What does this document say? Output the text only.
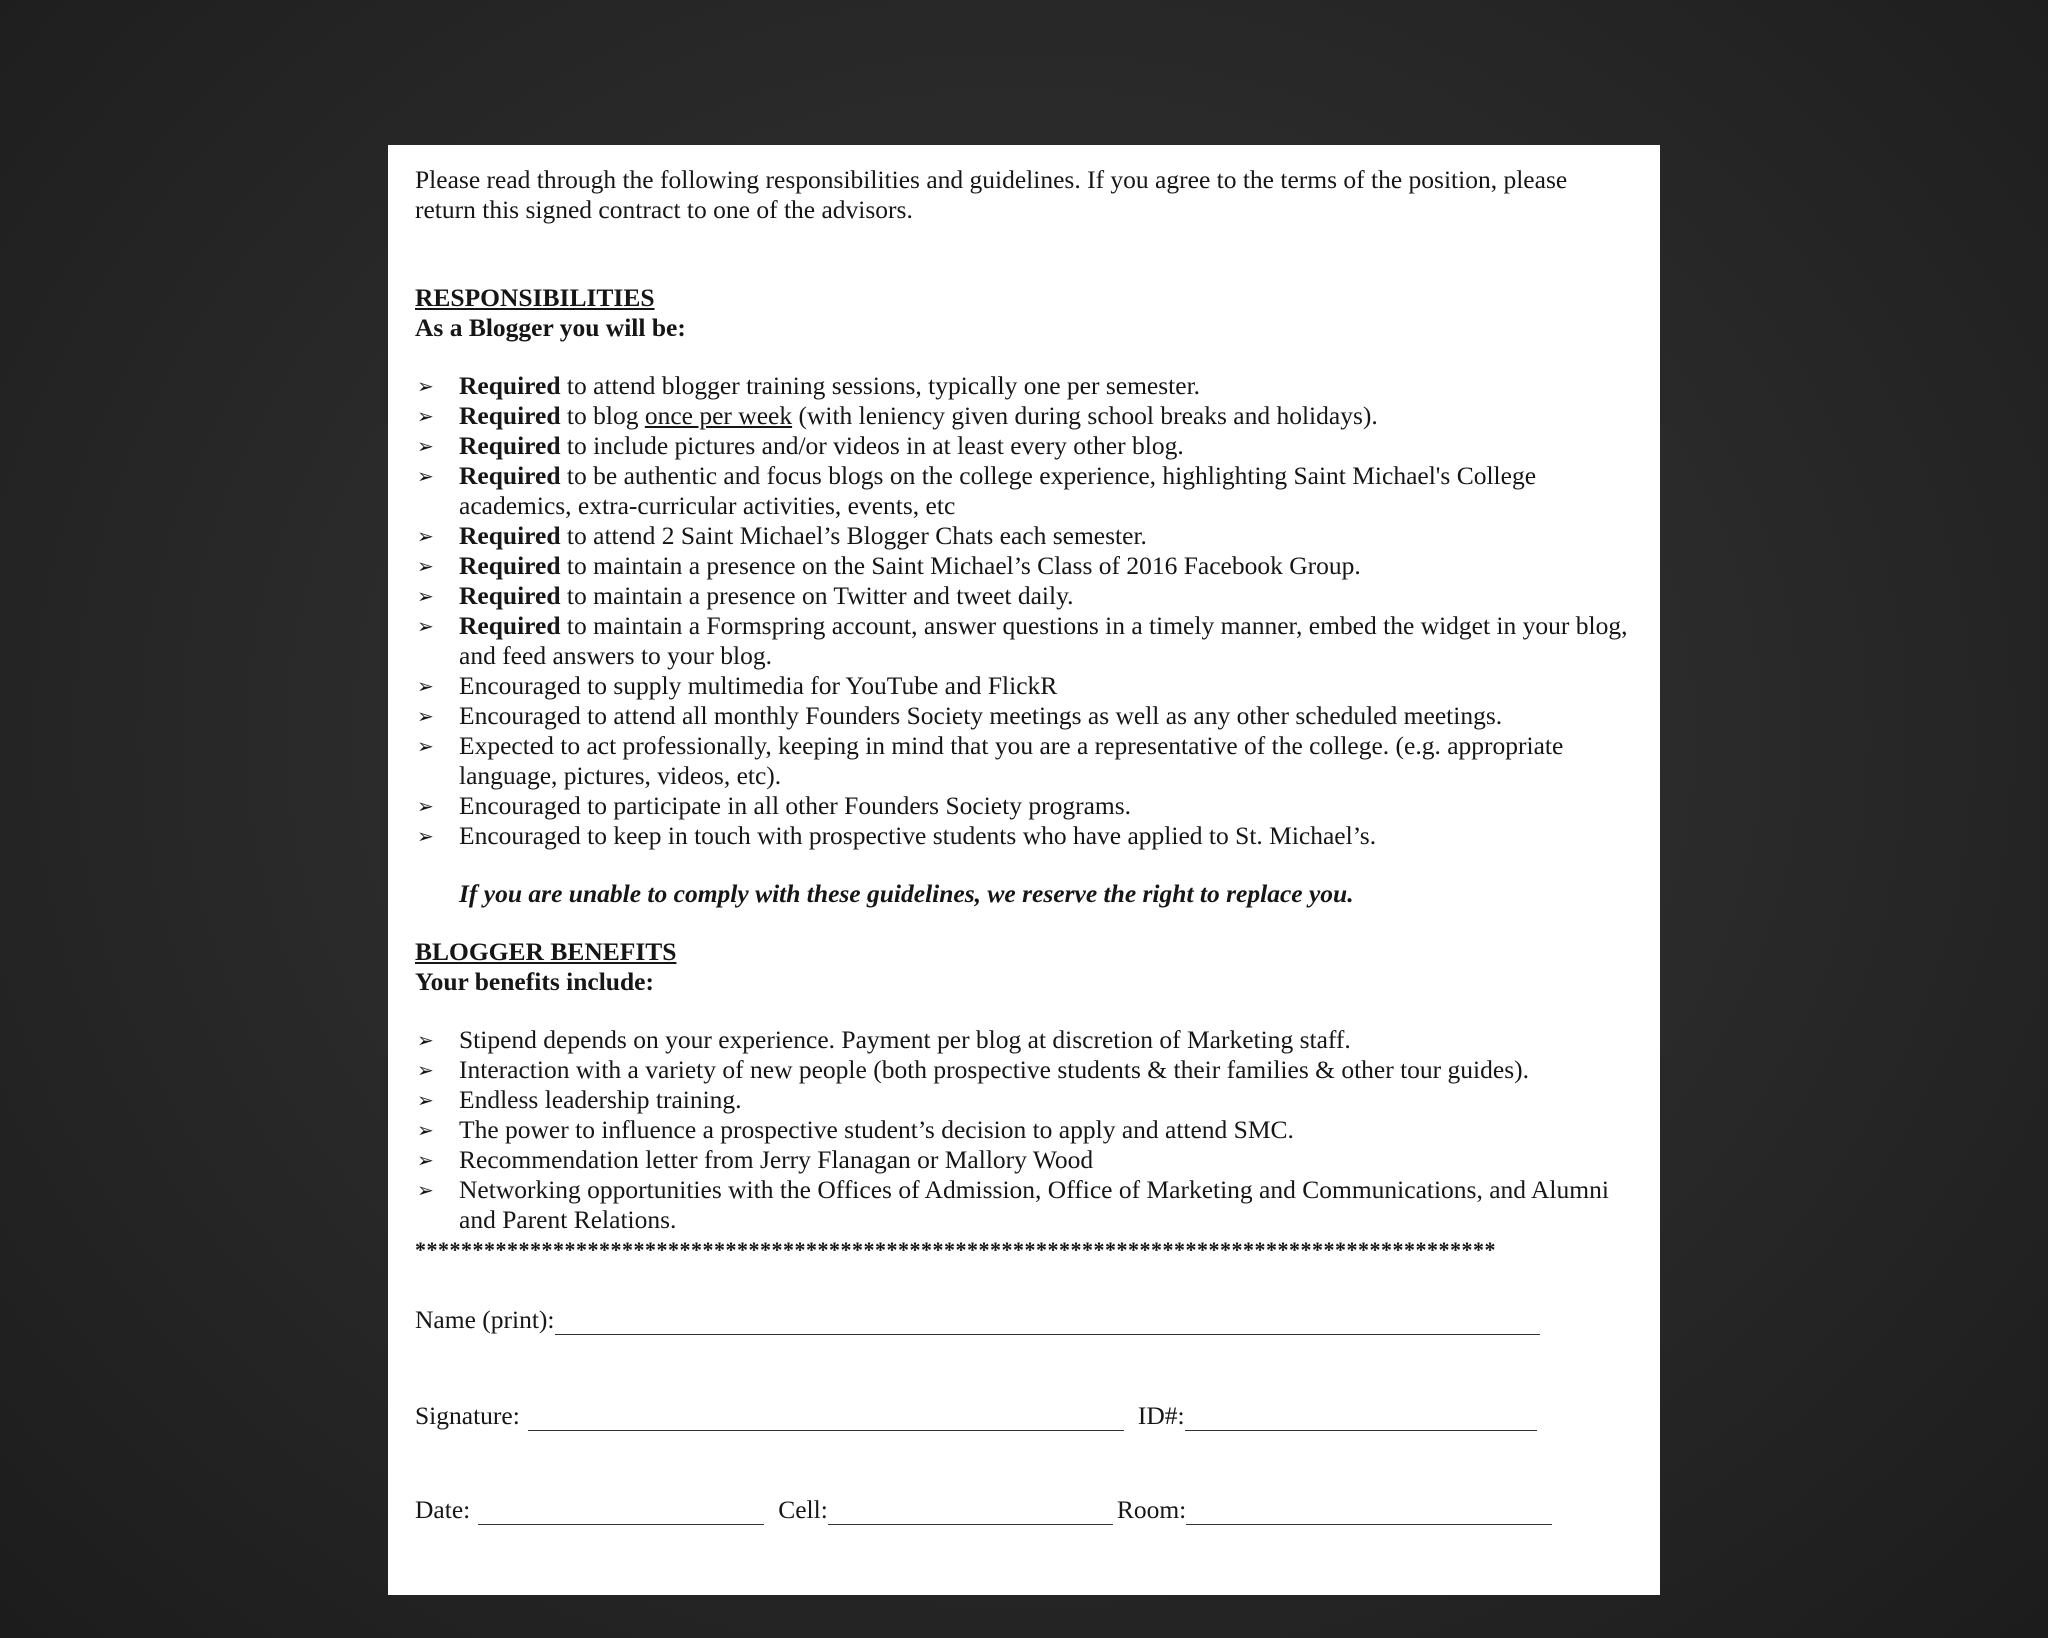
Please read through the following responsibilities and guidelines. If you agree to the terms of the position, please return this signed contract to one of the advisors.

RESPONSIBILITIES

As a Blogger you will be:

➢ Required to attend blogger training sessions, typically one per semester.
➢ Required to blog once per week (with leniency given during school breaks and holidays).
➢ Required to include pictures and/or videos in at least every other blog.
➢ Required to be authentic and focus blogs on the college experience, highlighting Saint Michael's College academics, extra-curricular activities, events, etc
➢ Required to attend 2 Saint Michael’s Blogger Chats each semester.
➢ Required to maintain a presence on the Saint Michael’s Class of 2016 Facebook Group.
➢ Required to maintain a presence on Twitter and tweet daily.
➢ Required to maintain a Formspring account, answer questions in a timely manner, embed the widget in your blog, and feed answers to your blog.
➢ Encouraged to supply multimedia for YouTube and FlickR
➢ Encouraged to attend all monthly Founders Society meetings as well as any other scheduled meetings.
➢ Expected to act professionally, keeping in mind that you are a representative of the college. (e.g. appropriate language, pictures, videos, etc).
➢ Encouraged to participate in all other Founders Society programs.
➢ Encouraged to keep in touch with prospective students who have applied to St. Michael’s.

If you are unable to comply with these guidelines, we reserve the right to replace you.

BLOGGER BENEFITS

Your benefits include:

➢ Stipend depends on your experience. Payment per blog at discretion of Marketing staff.
➢ Interaction with a variety of new people (both prospective students & their families & other tour guides).
➢ Endless leadership training.
➢ The power to influence a prospective student’s decision to apply and attend SMC.
➢ Recommendation letter from Jerry Flanagan or Mallory Wood
➢ Networking opportunities with the Offices of Admission, Office of Marketing and Communications, and Alumni and Parent Relations.
**********************************************************************************************
Name (print):
Signature:	ID#:
Date:	Cell:	Room:
